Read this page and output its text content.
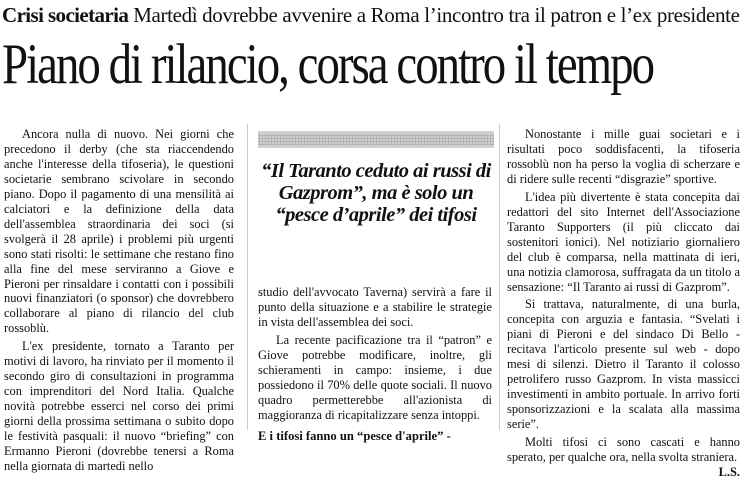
Crisi societaria Martedì dovrebbe avvenire a Roma l’incontro tra il patron e l’ex presidente
Piano di rilancio, corsa contro il tempo

Ancora nulla di nuovo. Nei giorni che precedono il derby (che sta riaccendendo anche l'interesse della tifoseria), le questioni societarie sembrano scivolare in secondo piano. Dopo il pagamento di una mensilità ai calciatori e la definizione della data dell'assemblea straordinaria dei soci (si svolgerà il 28 aprile) i problemi più urgenti sono stati risolti: le settimane che restano fino alla fine del mese serviranno a Giove e Pieroni per rinsaldare i contatti con i possibili nuovi finanziatori (o sponsor) che dovrebbero collaborare al piano di rilancio del club rossoblù.

L'ex presidente, tornato a Taranto per motivi di lavoro, ha rinviato per il momento il secondo giro di consultazioni in programma con imprenditori del Nord Italia. Qualche novità potrebbe esserci nel corso dei primi giorni della prossima settimana o subito dopo le festività pasquali: il nuovo “briefing” con Ermanno Pieroni (dovrebbe tenersi a Roma nella giornata di martedì nello

“Il Taranto ceduto ai russi di Gazprom”, ma è solo un “pesce d’aprile” dei tifosi

studio dell'avvocato Taverna) servirà a fare il punto della situazione e a stabilire le strategie in vista dell'assemblea dei soci.

La recente pacificazione tra il “patron” e Giove potrebbe modificare, inoltre, gli schieramenti in campo: insieme, i due possiedono il 70% delle quote sociali. Il nuovo quadro permetterebbe all'azionista di maggioranza di ricapitalizzare senza intoppi.

E i tifosi fanno un “pesce d'aprile” -

Nonostante i mille guai societari e i risultati poco soddisfacenti, la tifoseria rossoblù non ha perso la voglia di scherzare e di ridere sulle recenti “disgrazie” sportive.

L'idea più divertente è stata concepita dai redattori del sito Internet dell'Associazione Taranto Supporters (il più cliccato dai sostenitori ionici). Nel notiziario giornaliero del club è comparsa, nella mattinata di ieri, una notizia clamorosa, suffragata da un titolo a sensazione: “Il Taranto ai russi di Gazprom”.

Si trattava, naturalmente, di una burla, concepita con arguzia e fantasia. “Svelati i piani di Pieroni e del sindaco Di Bello - recitava l'articolo presente sul web - dopo mesi di silenzi. Dietro il Taranto il colosso petrolifero russo Gazprom. In vista massicci investimenti in ambito portuale. In arrivo forti sponsorizzazioni e la scalata alla massima serie”.

Molti tifosi ci sono cascati e hanno sperato, per qualche ora, nella svolta straniera.

L.S.
